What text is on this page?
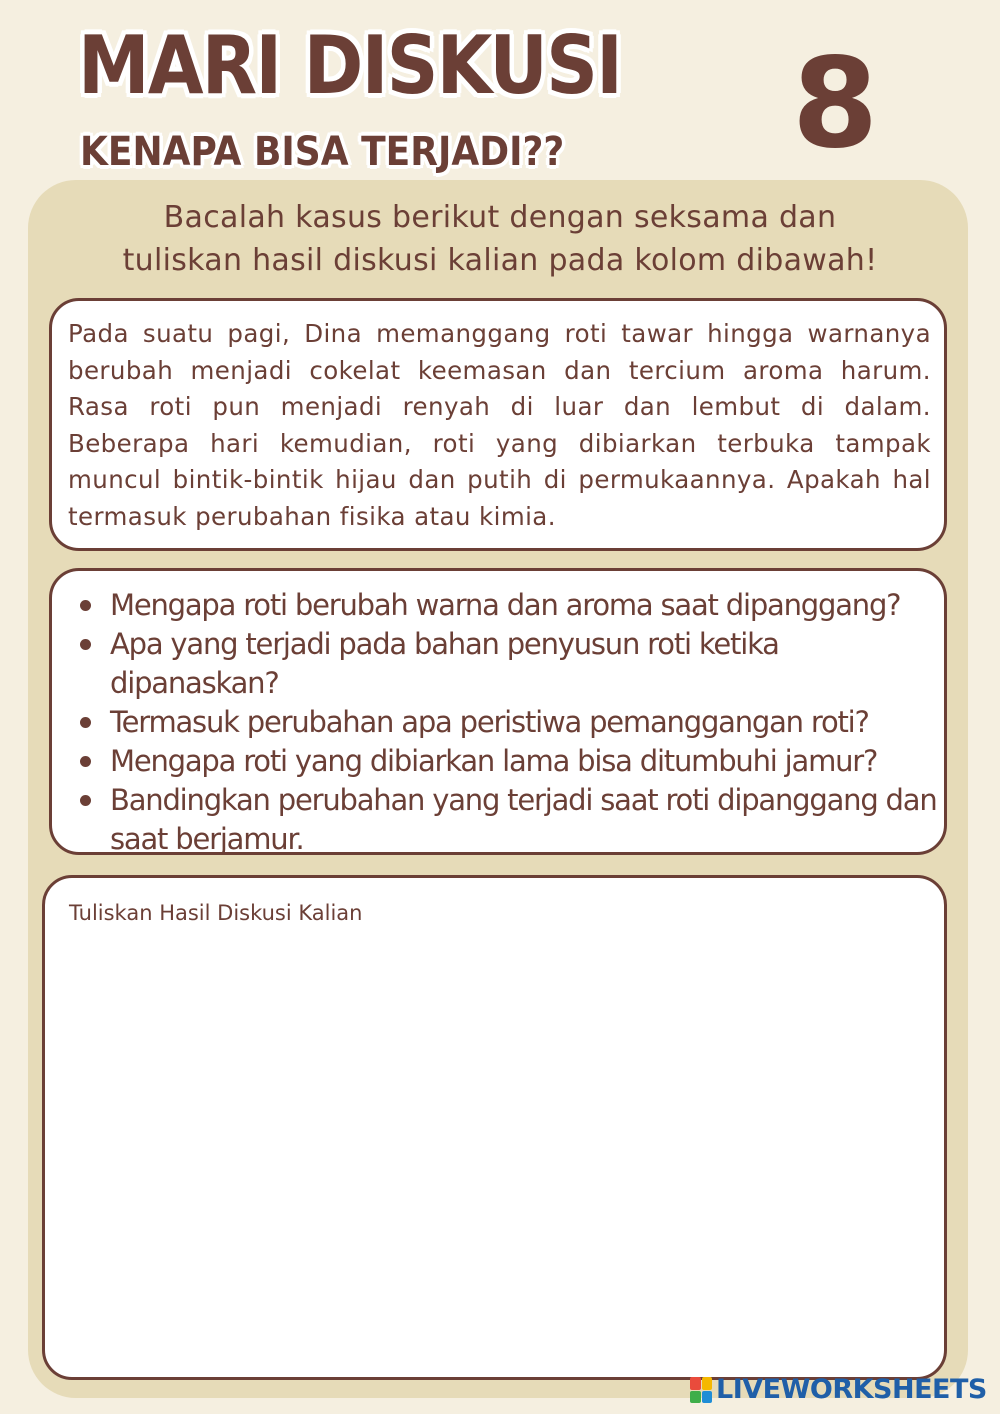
MARI DISKUSI
KENAPA BISA TERJADI?? 8
Bacalah kasus berikut dengan seksama dan
tuliskan hasil diskusi kalian pada kolom dibawah!
Pada suatu pagi, Dina memanggang roti tawar hingga warnanya berubah menjadi cokelat keemasan dan tercium aroma harum. Rasa roti pun menjadi renyah di luar dan lembut di dalam. Beberapa hari kemudian, roti yang dibiarkan terbuka tampak muncul bintik-bintik hijau dan putih di permukaannya. Apakah hal termasuk perubahan fisika atau kimia.
Mengapa roti berubah warna dan aroma saat dipanggang?
Apa yang terjadi pada bahan penyusun roti ketika dipanaskan?
Termasuk perubahan apa peristiwa pemanggangan roti?
Mengapa roti yang dibiarkan lama bisa ditumbuhi jamur?
Bandingkan perubahan yang terjadi saat roti dipanggang dan saat berjamur.
Tuliskan Hasil Diskusi Kalian
LIVEWORKSHEETS
